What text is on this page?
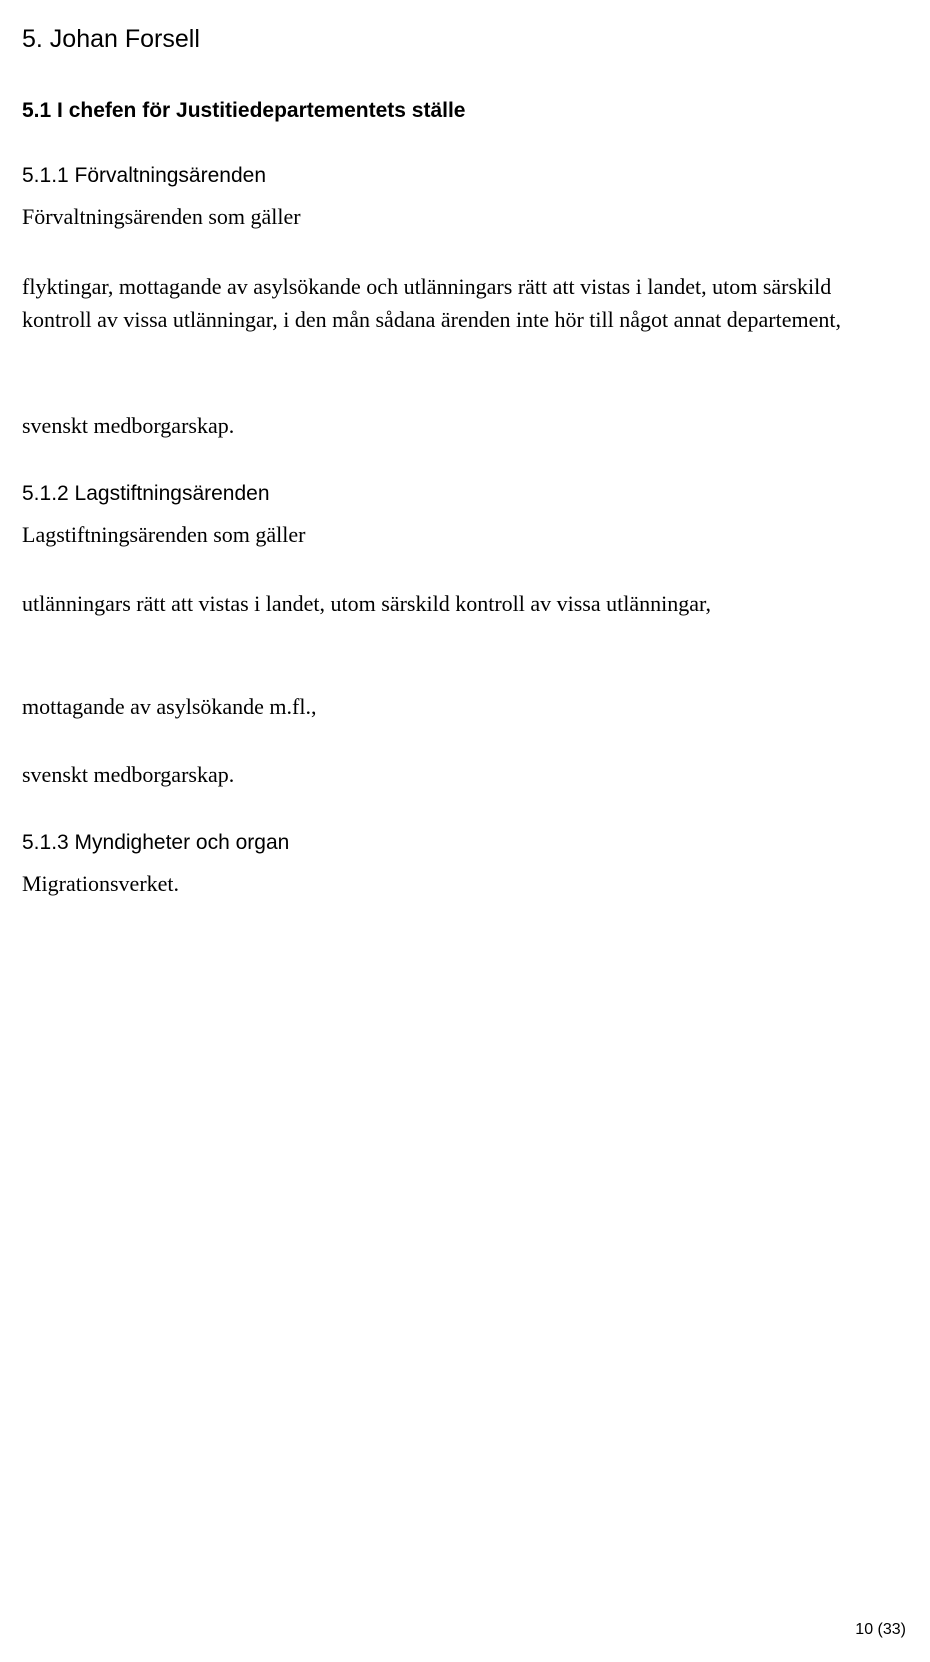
5. Johan Forsell
5.1 I chefen för Justitiedepartementets ställe
5.1.1 Förvaltningsärenden

Förvaltningsärenden som gäller

flyktingar, mottagande av asylsökande och utlänningars rätt att vistas i landet, utom särskild kontroll av vissa utlänningar, i den mån sådana ärenden inte hör till något annat departement,

svenskt medborgarskap.

5.1.2 Lagstiftningsärenden

Lagstiftningsärenden som gäller

utlänningars rätt att vistas i landet, utom särskild kontroll av vissa utlänningar,

mottagande av asylsökande m.fl.,

svenskt medborgarskap.

5.1.3 Myndigheter och organ

Migrationsverket.

10 (33)
